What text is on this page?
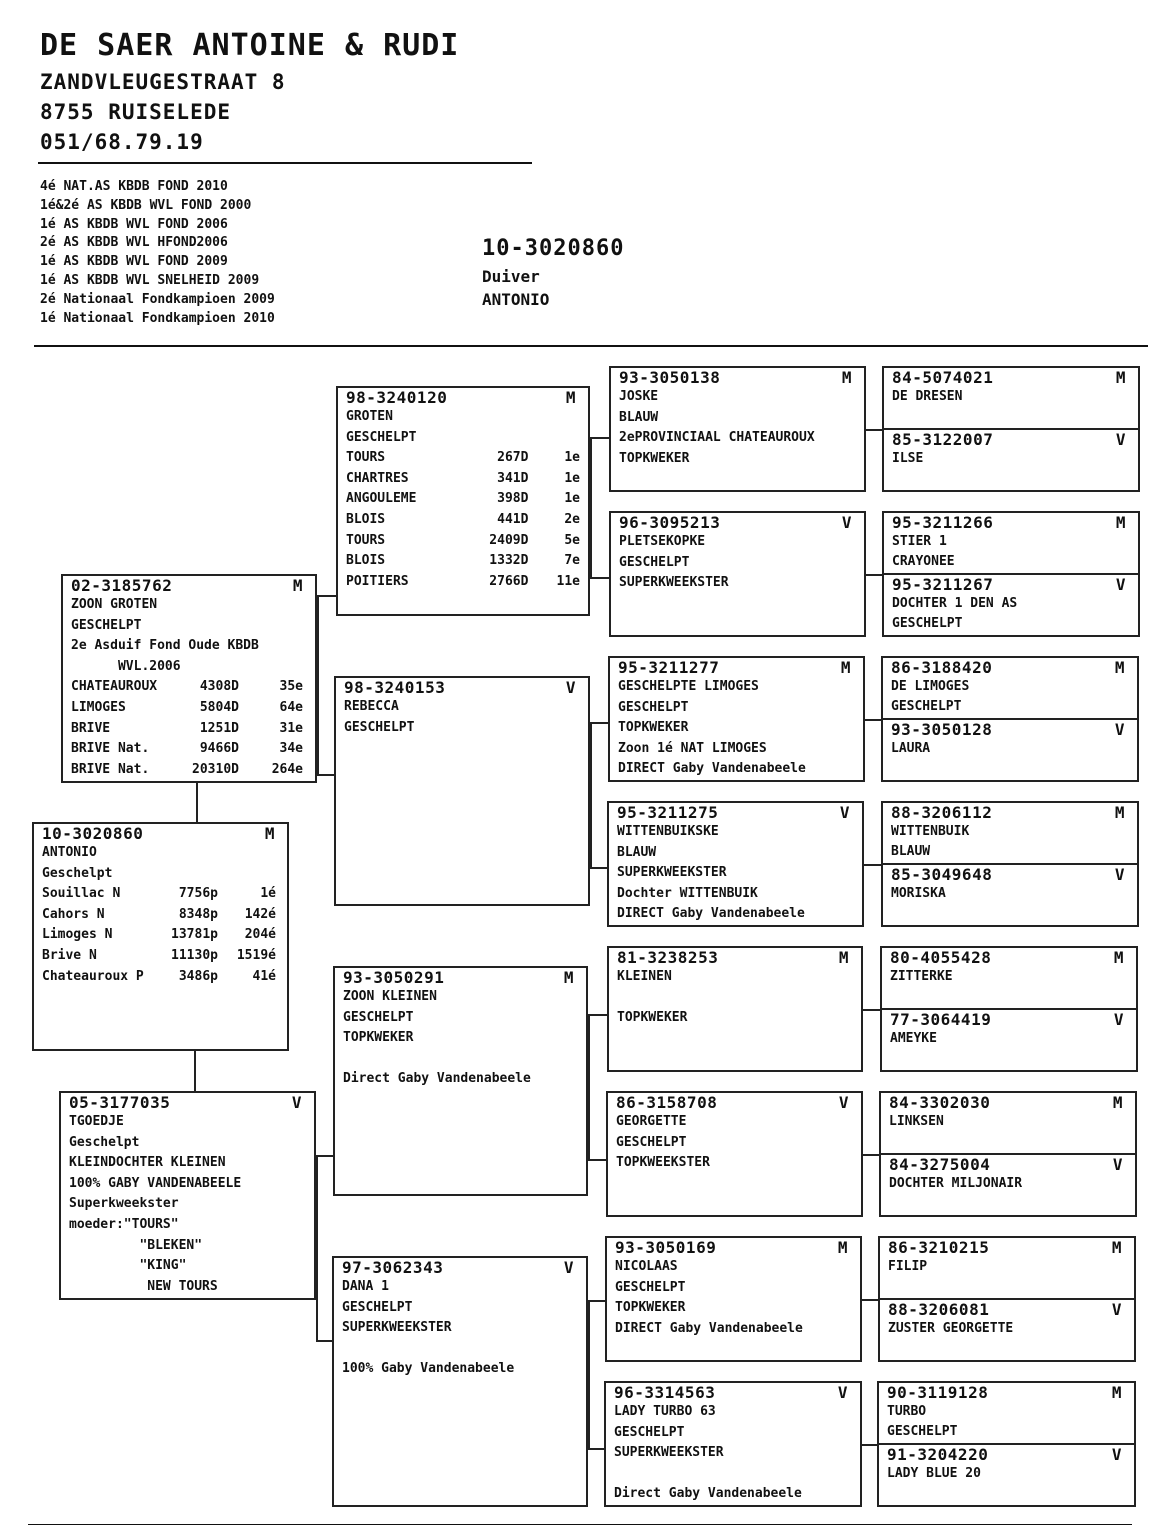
DE SAER ANTOINE & RUDI
ZANDVLEUGESTRAAT 8
8755 RUISELEDE
051/68.79.19
4é NAT.AS KBDB FOND 2010
1é&2é AS KBDB WVL FOND 2000
1é AS KBDB WVL FOND 2006
2é AS KBDB WVL HFOND2006
1é AS KBDB WVL FOND 2009
1é AS KBDB WVL SNELHEID 2009
2é Nationaal Fondkampioen 2009
1é Nationaal Fondkampioen 2010
10-3020860
Duiver
ANTONIO
10-3020860	M
ANTONIO
Geschelpt
Souillac N	7756p	1é
Cahors N	8348p	142é
Limoges N	13781p	204é
Brive N	11130p	1519é
Chateauroux P	3486p	41é
02-3185762	M
ZOON GROTEN
GESCHELPT
2e Asduif Fond Oude KBDB
WVL.2006
CHATEAUROUX	4308D	35e
LIMOGES	5804D	64e
BRIVE	1251D	31e
BRIVE Nat.	9466D	34e
BRIVE Nat.	20310D	264e
05-3177035	V
TGOEDJE
Geschelpt
KLEINDOCHTER KLEINEN
100% GABY VANDENABEELE
Superkweekster
moeder:"TOURS"
"BLEKEN"
"KING"
NEW TOURS
98-3240120	M
GROTEN
GESCHELPT
TOURS	267D	1e
CHARTRES	341D	1e
ANGOULEME	398D	1e
BLOIS	441D	2e
TOURS	2409D	5e
BLOIS	1332D	7e
POITIERS	2766D	11e
98-3240153	V
REBECCA
GESCHELPT
93-3050291	M
ZOON KLEINEN
GESCHELPT
TOPKWEKER
Direct Gaby Vandenabeele
97-3062343	V
DANA 1
GESCHELPT
SUPERKWEEKSTER
100% Gaby Vandenabeele
93-3050138	M
JOSKE
BLAUW
2ePROVINCIAAL CHATEAUROUX
TOPKWEKER
96-3095213	V
PLETSEKOPKE
GESCHELPT
SUPERKWEEKSTER
95-3211277	M
GESCHELPTE LIMOGES
GESCHELPT
TOPKWEKER
Zoon 1é NAT LIMOGES
DIRECT Gaby Vandenabeele
95-3211275	V
WITTENBUIKSKE
BLAUW
SUPERKWEEKSTER
Dochter WITTENBUIK
DIRECT Gaby Vandenabeele
81-3238253	M
KLEINEN
TOPKWEKER
86-3158708	V
GEORGETTE
GESCHELPT
TOPKWEEKSTER
93-3050169	M
NICOLAAS
GESCHELPT
TOPKWEKER
DIRECT Gaby Vandenabeele
96-3314563	V
LADY TURBO 63
GESCHELPT
SUPERKWEEKSTER
Direct Gaby Vandenabeele
84-5074021	M
DE DRESEN
85-3122007	V
ILSE
95-3211266	M
STIER 1
CRAYONEE
95-3211267	V
DOCHTER 1 DEN AS
GESCHELPT
86-3188420	M
DE LIMOGES
GESCHELPT
93-3050128	V
LAURA
88-3206112	M
WITTENBUIK
BLAUW
85-3049648	V
MORISKA
80-4055428	M
ZITTERKE
77-3064419	V
AMEYKE
84-3302030	M
LINKSEN
84-3275004	V
DOCHTER MILJONAIR
86-3210215	M
FILIP
88-3206081	V
ZUSTER GEORGETTE
90-3119128	M
TURBO
GESCHELPT
91-3204220	V
LADY BLUE 20
